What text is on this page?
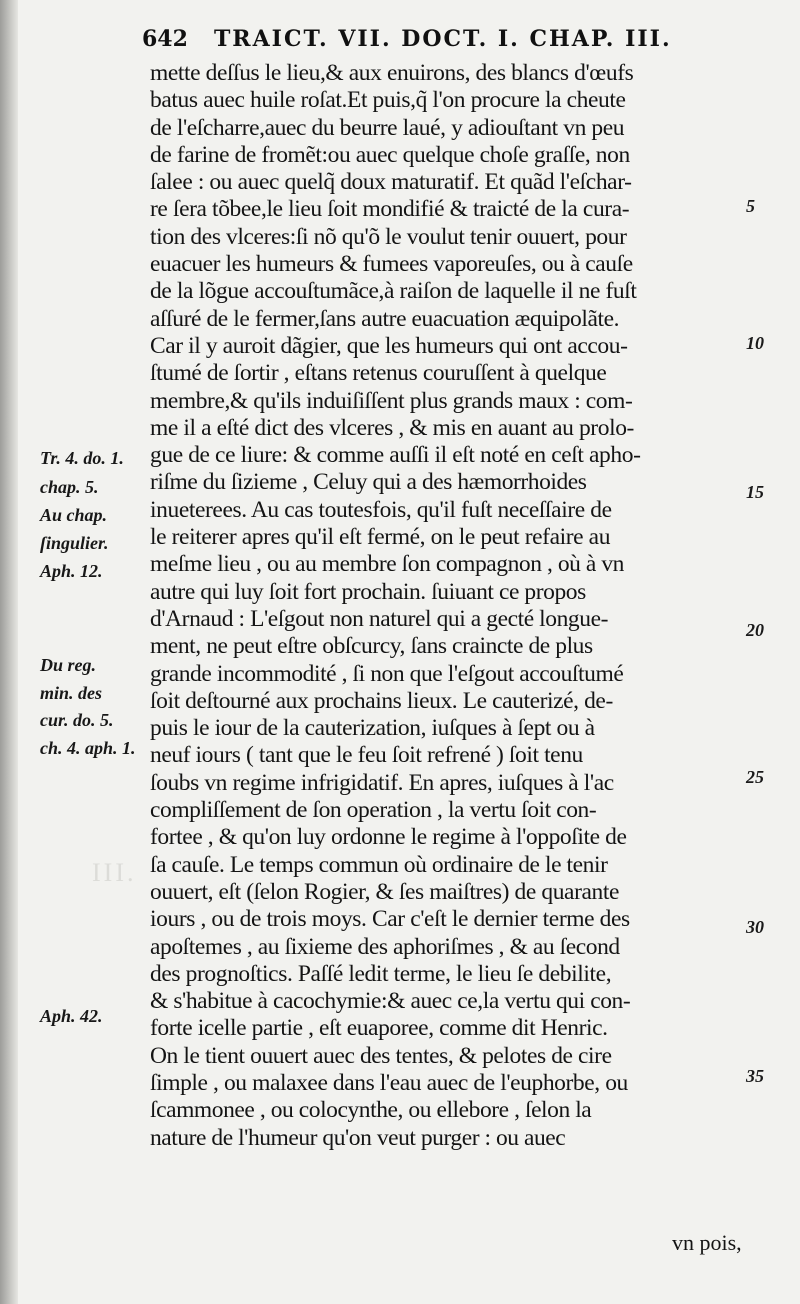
642 TRAICT. VII. DOCT. I. CHAP. III.
III.
mette deſſus le lieu,& aux enuirons, des blancs d'œufs
batus auec huile roſat.Et puis,q̃ l'on procure la cheute
de l'eſcharre,auec du beurre laué, y adiouſtant vn peu
de farine de fromẽt:ou auec quelque choſe graſſe, non
ſalee : ou auec quelq̃ doux maturatif. Et quãd l'eſchar-
re ſera tõbee,le lieu ſoit mondifié & traicté de la cura-
tion des vlceres:ſi nõ qu'õ le voulut tenir ouuert, pour
euacuer les humeurs & fumees vaporeuſes, ou à cauſe
de la lõgue accouſtumãce,à raiſon de laquelle il ne fuſt
aſſuré de le fermer,ſans autre euacuation æquipolãte.
Car il y auroit dãgier, que les humeurs qui ont accou-
ſtumé de ſortir , eſtans retenus couruſſent à quelque
membre,& qu'ils induiſiſſent plus grands maux : com-
me il a eſté dict des vlceres , & mis en auant au prolo-
gue de ce liure: & comme auſſi il eſt noté en ceſt apho-
riſme du ſizieme , Celuy qui a des hæmorrhoides
inueterees. Au cas toutesfois, qu'il fuſt neceſſaire de
le reiterer apres qu'il eſt fermé, on le peut refaire au
meſme lieu , ou au membre ſon compagnon , où à vn
autre qui luy ſoit fort prochain. ſuiuant ce propos
d'Arnaud : L'eſgout non naturel qui a gecté longue-
ment, ne peut eſtre obſcurcy, ſans craincte de plus
grande incommodité , ſi non que l'eſgout accouſtumé
ſoit deſtourné aux prochains lieux. Le cauterizé, de-
puis le iour de la cauterization, iuſques à ſept ou à
neuf iours ( tant que le feu ſoit refrené ) ſoit tenu
ſoubs vn regime infrigidatif. En apres, iuſques à l'ac
compliſſement de ſon operation , la vertu ſoit con-
fortee , & qu'on luy ordonne le regime à l'oppoſite de
ſa cauſe. Le temps commun où ordinaire de le tenir
ouuert, eſt (ſelon Rogier, & ſes maiſtres) de quarante
iours , ou de trois moys. Car c'eſt le dernier terme des
apoſtemes , au ſixieme des aphoriſmes , & au ſecond
des prognoſtics. Paſſé ledit terme, le lieu ſe debilite,
& s'habitue à cacochymie:& auec ce,la vertu qui con-
forte icelle partie , eſt euaporee, comme dit Henric.
On le tient ouuert auec des tentes, & pelotes de cire
ſimple , ou malaxee dans l'eau auec de l'euphorbe, ou
ſcammonee , ou colocynthe, ou ellebore , ſelon la
nature de l'humeur qu'on veut purger : ou auec
5
10
15
20
25
30
35
Tr. 4. do. 1.
chap. 5.
Au chap.
ſingulier.
Aph. 12.
Du reg.
min. des
cur. do. 5.
ch. 4. aph. 1.
Aph. 42.
vn pois,
